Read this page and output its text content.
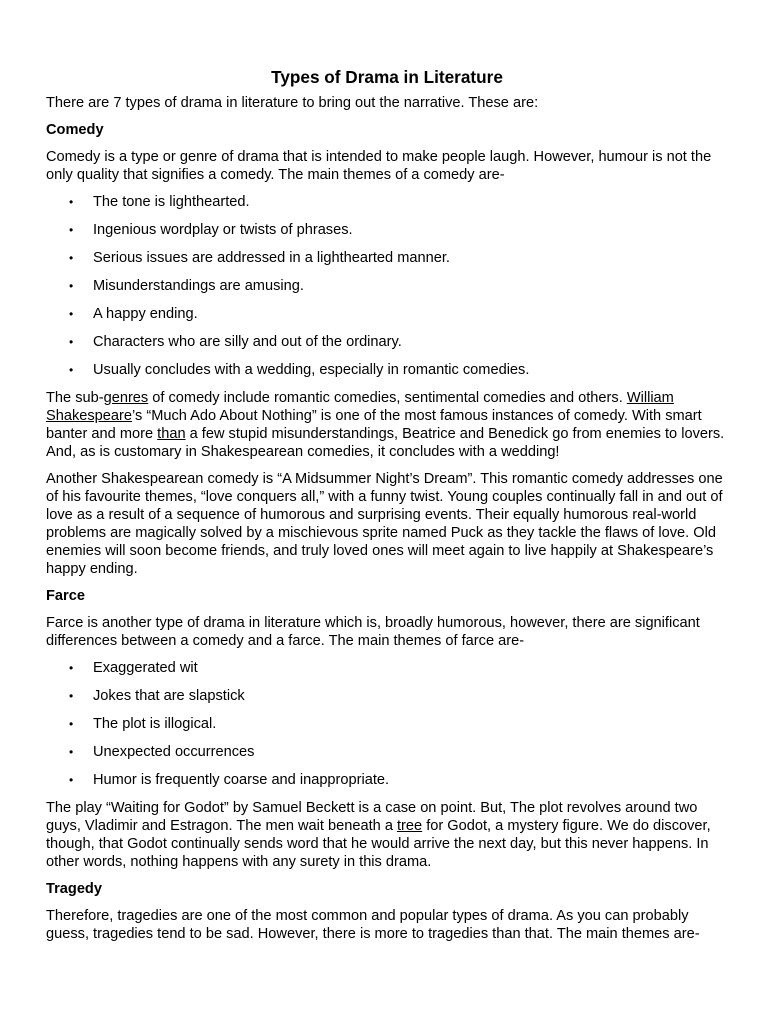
Types of Drama in Literature

There are 7 types of drama in literature to bring out the narrative. These are:

Comedy

Comedy is a type or genre of drama that is intended to make people laugh. However, humour is not the only quality that signifies a comedy. The main themes of a comedy are-

• The tone is lighthearted.
• Ingenious wordplay or twists of phrases.
• Serious issues are addressed in a lighthearted manner.
• Misunderstandings are amusing.
• A happy ending.
• Characters who are silly and out of the ordinary.
• Usually concludes with a wedding, especially in romantic comedies.

The sub-genres of comedy include romantic comedies, sentimental comedies and others. William Shakespeare’s “Much Ado About Nothing” is one of the most famous instances of comedy. With smart banter and more than a few stupid misunderstandings, Beatrice and Benedick go from enemies to lovers. And, as is customary in Shakespearean comedies, it concludes with a wedding!

Another Shakespearean comedy is “A Midsummer Night’s Dream”. This romantic comedy addresses one of his favourite themes, “love conquers all,” with a funny twist. Young couples continually fall in and out of love as a result of a sequence of humorous and surprising events. Their equally humorous real-world problems are magically solved by a mischievous sprite named Puck as they tackle the flaws of love. Old enemies will soon become friends, and truly loved ones will meet again to live happily at Shakespeare’s happy ending.

Farce

Farce is another type of drama in literature which is, broadly humorous, however, there are significant differences between a comedy and a farce. The main themes of farce are-

• Exaggerated wit
• Jokes that are slapstick
• The plot is illogical.
• Unexpected occurrences
• Humor is frequently coarse and inappropriate.

The play “Waiting for Godot” by Samuel Beckett is a case on point. But, The plot revolves around two guys, Vladimir and Estragon. The men wait beneath a tree for Godot, a mystery figure. We do discover, though, that Godot continually sends word that he would arrive the next day, but this never happens. In other words, nothing happens with any surety in this drama.

Tragedy

Therefore, tragedies are one of the most common and popular types of drama. As you can probably guess, tragedies tend to be sad. However, there is more to tragedies than that. The main themes are-
